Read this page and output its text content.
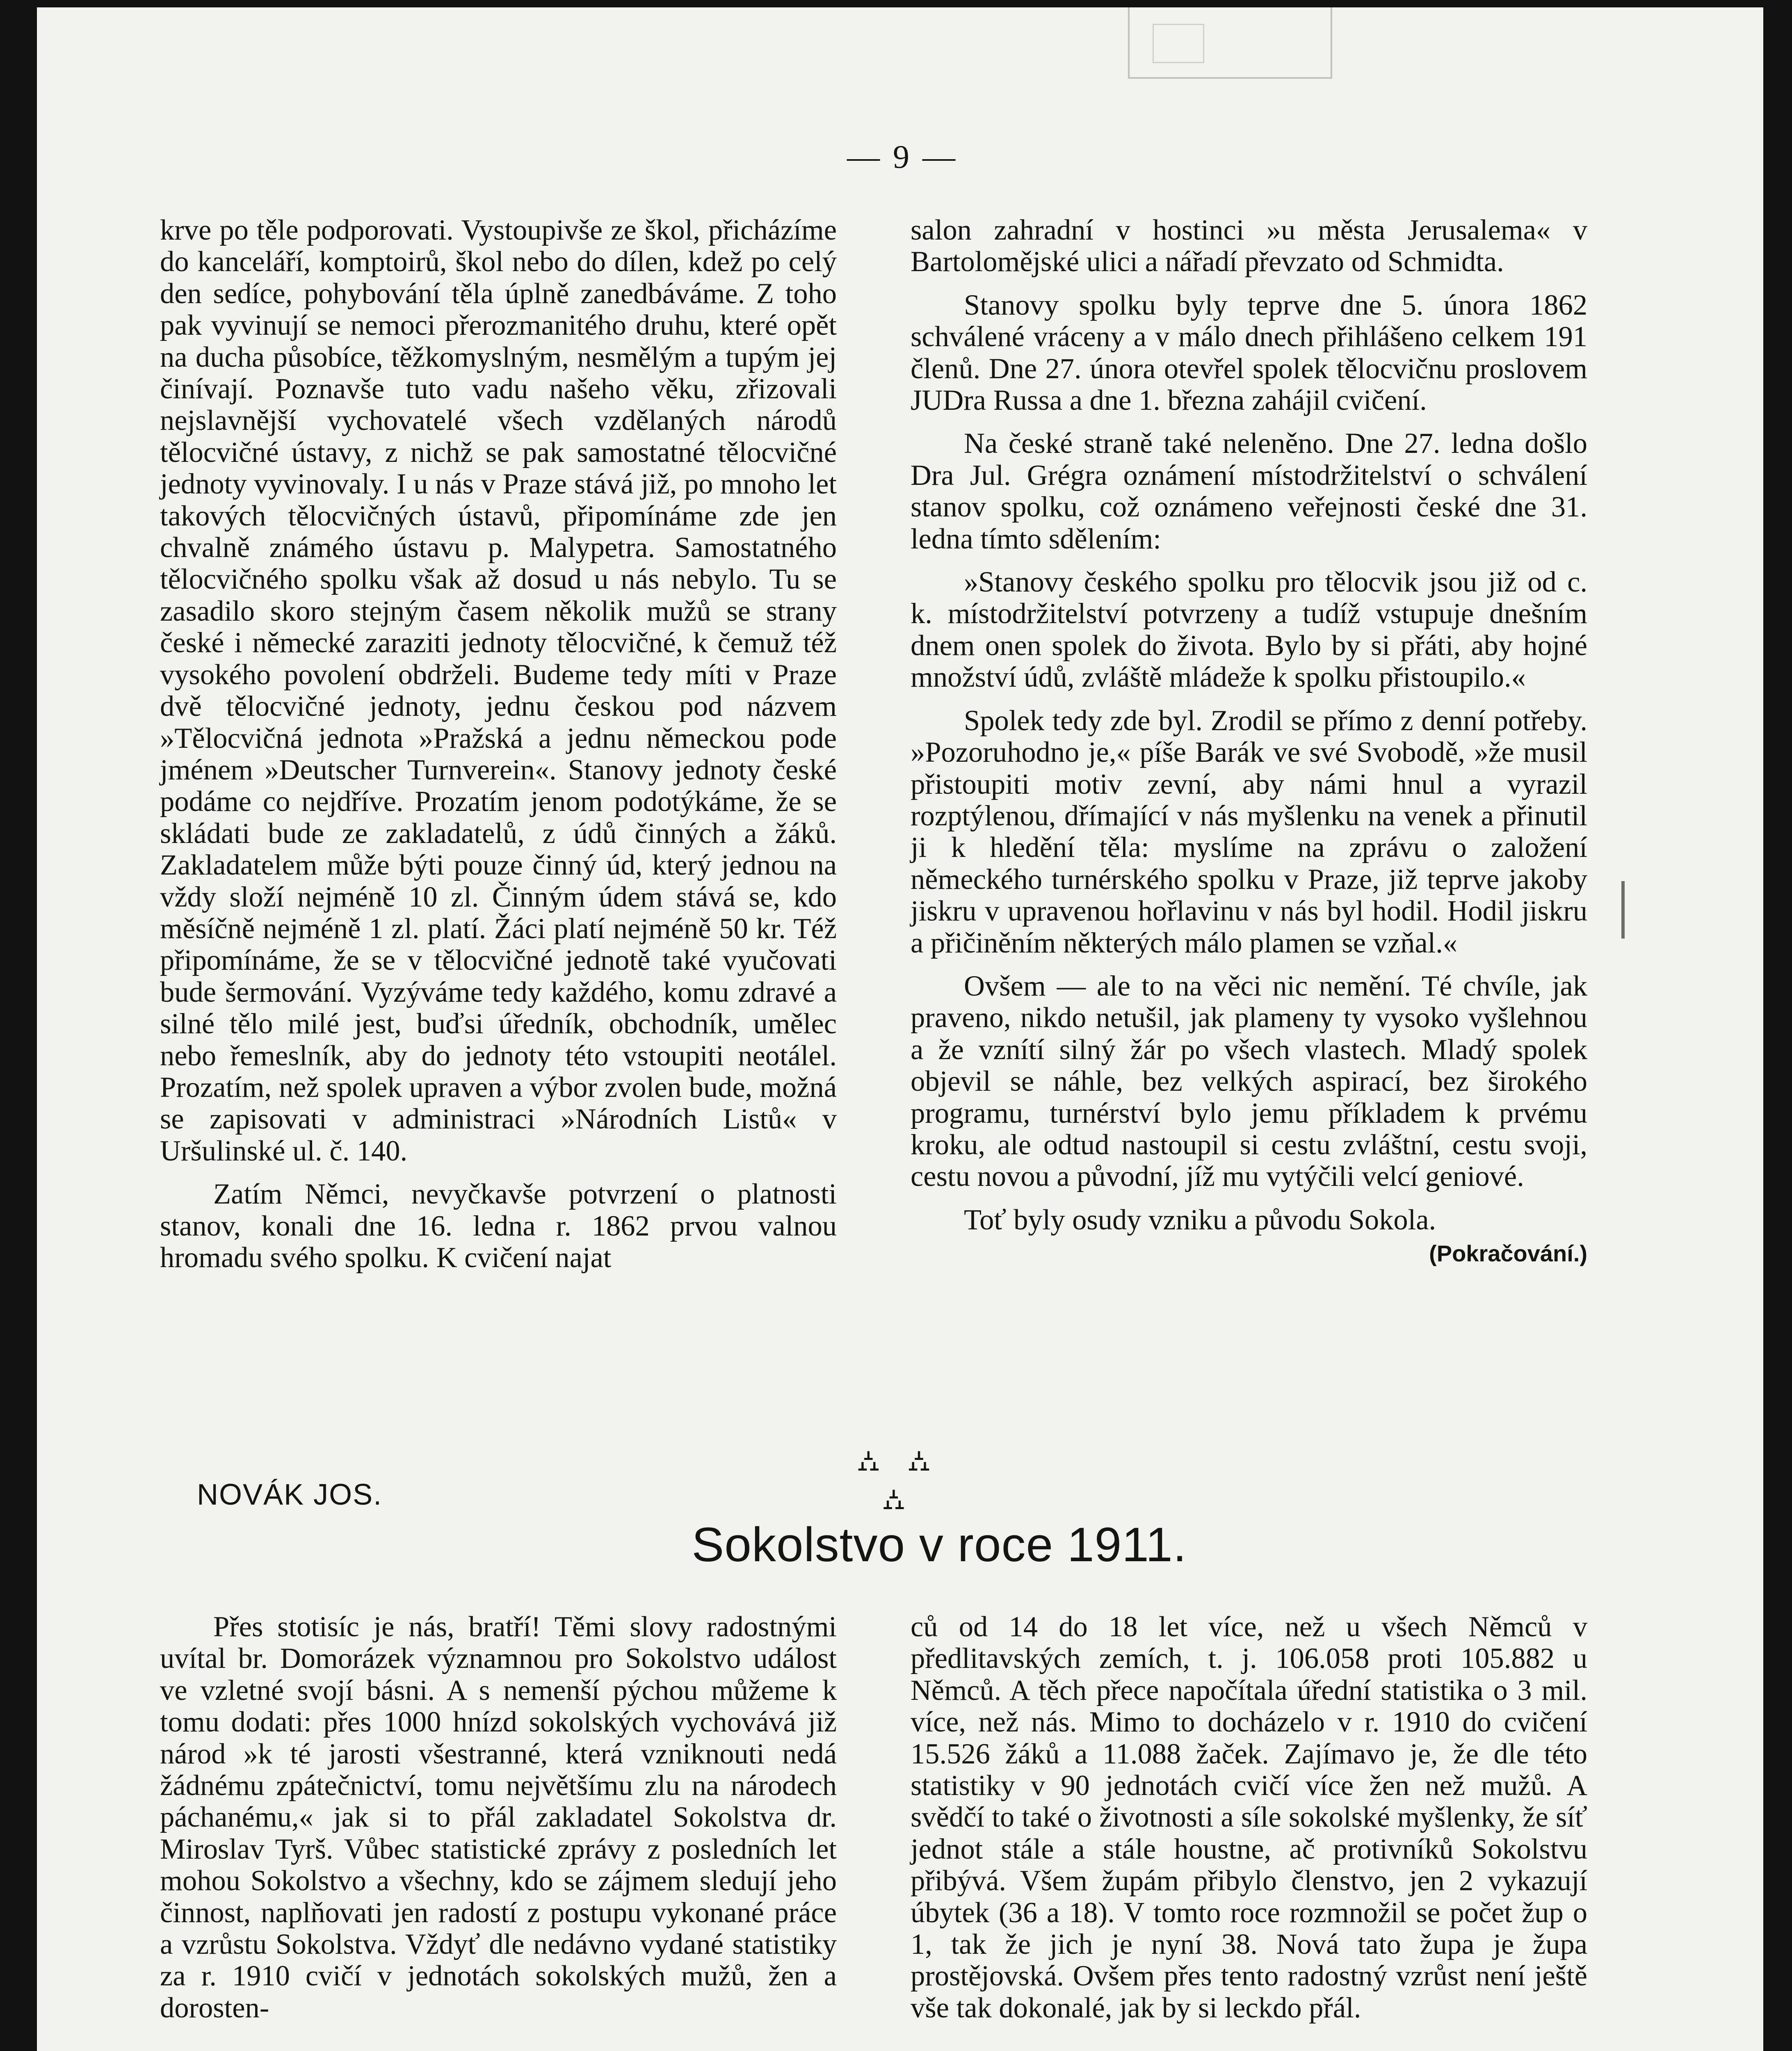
— 9 —

krve po těle podporovati. Vystoupivše ze škol, přicházíme do kanceláří, komptoirů, škol nebo do dílen, kdež po celý den sedíce, pohybování těla úplně zanedbáváme. Z toho pak vyvinují se nemoci přerozmanitého druhu, které opět na ducha působíce, těžkomyslným, nesmělým a tupým jej činívají. Poznavše tuto vadu našeho věku, zřizovali nejslavnější vychovatelé všech vzdělaných národů tělocvičné ústavy, z nichž se pak samostatné tělocvičné jednoty vyvinovaly. I u nás v Praze stává již, po mnoho let takových tělocvičných ústavů, připomínáme zde jen chvalně známého ústavu p. Malypetra. Samostatného tělocvičného spolku však až dosud u nás nebylo. Tu se zasadilo skoro stejným časem několik mužů se strany české i německé zaraziti jednoty tělocvičné, k čemuž též vysokého povolení obdrželi. Budeme tedy míti v Praze dvě tělocvičné jednoty, jednu českou pod názvem »Tělocvičná jednota »Pražská a jednu německou pode jménem »Deutscher Turnverein«. Stanovy jednoty české podáme co nejdříve. Prozatím jenom podotýkáme, že se skládati bude ze zakladatelů, z údů činných a žáků. Zakladatelem může býti pouze činný úd, který jednou na vždy složí nejméně 10 zl. Činným údem stává se, kdo měsíčně nejméně 1 zl. platí. Žáci platí nejméně 50 kr. Též připomínáme, že se v tělocvičné jednotě také vyučovati bude šermování. Vyzýváme tedy každého, komu zdravé a silné tělo milé jest, buďsi úředník, obchodník, umělec nebo řemeslník, aby do jednoty této vstoupiti neotálel. Prozatím, než spolek upraven a výbor zvolen bude, možná se zapisovati v administraci »Národních Listů« v Uršulinské ul. č. 140.

Zatím Němci, nevyčkavše potvrzení o platnosti stanov, konali dne 16. ledna r. 1862 prvou valnou hromadu svého spolku. K cvičení najat

salon zahradní v hostinci »u města Jerusalema« v Bartolomějské ulici a nářadí převzato od Schmidta.

Stanovy spolku byly teprve dne 5. února 1862 schválené vráceny a v málo dnech přihlášeno celkem 191 členů. Dne 27. února otevřel spolek tělocvičnu proslovem JUDra Russa a dne 1. března zahájil cvičení.

Na české straně také neleněno. Dne 27. ledna došlo Dra Jul. Grégra oznámení místodržitelství o schválení stanov spolku, což oznámeno veřejnosti české dne 31. ledna tímto sdělením:

»Stanovy českého spolku pro tělocvik jsou již od c. k. místodržitelství potvrzeny a tudíž vstupuje dnešním dnem onen spolek do života. Bylo by si přáti, aby hojné množství údů, zvláště mládeže k spolku přistoupilo.«

Spolek tedy zde byl. Zrodil se přímo z denní potřeby. »Pozoruhodno je,« píše Barák ve své Svobodě, »že musil přistoupiti motiv zevní, aby námi hnul a vyrazil rozptýlenou, dřímající v nás myšlenku na venek a přinutil ji k hledění těla: myslíme na zprávu o založení německého turnérského spolku v Praze, již teprve jakoby jiskru v upravenou hořlavinu v nás byl hodil. Hodil jiskru a přičiněním některých málo plamen se vzňal.«

Ovšem — ale to na věci nic nemění. Té chvíle, jak praveno, nikdo netušil, jak plameny ty vysoko vyšlehnou a že vznítí silný žár po všech vlastech. Mladý spolek objevil se náhle, bez velkých aspirací, bez širokého programu, turnérství bylo jemu příkladem k prvému kroku, ale odtud nastoupil si cestu zvláštní, cestu svoji, cestu novou a původní, jíž mu vytýčili velcí geniové.

Toť byly osudy vzniku a původu Sokola.

(Pokračování.)
⛼ ⛼ ⛼
NOVÁK JOS.
Sokolstvo v roce 1911.

Přes stotisíc je nás, bratří! Těmi slovy radostnými uvítal br. Domorázek významnou pro Sokolstvo událost ve vzletné svojí básni. A s nemenší pýchou můžeme k tomu dodati: přes 1000 hnízd sokolských vychovává již národ »k té jarosti všestranné, která vzniknouti nedá žádnému zpátečnictví, tomu největšímu zlu na národech páchanému,« jak si to přál zakladatel Sokolstva dr. Miroslav Tyrš. Vůbec statistické zprávy z posledních let mohou Sokolstvo a všechny, kdo se zájmem sledují jeho činnost, naplňovati jen radostí z postupu vykonané práce a vzrůstu Sokolstva. Vždyť dle nedávno vydané statistiky za r. 1910 cvičí v jednotách sokolských mužů, žen a dorosten-

ců od 14 do 18 let více, než u všech Němců v předlitavských zemích, t. j. 106.058 proti 105.882 u Němců. A těch přece napočítala úřední statistika o 3 mil. více, než nás. Mimo to docházelo v r. 1910 do cvičení 15.526 žáků a 11.088 žaček. Zajímavo je, že dle této statistiky v 90 jednotách cvičí více žen než mužů. A svědčí to také o životnosti a síle sokolské myšlenky, že síť jednot stále a stále houstne, ač protivníků Sokolstvu přibývá. Všem župám přibylo členstvo, jen 2 vykazují úbytek (36 a 18). V tomto roce rozmnožil se počet žup o 1, tak že jich je nyní 38. Nová tato župa je župa prostějovská. Ovšem přes tento radostný vzrůst není ještě vše tak dokonalé, jak by si leckdo přál.
